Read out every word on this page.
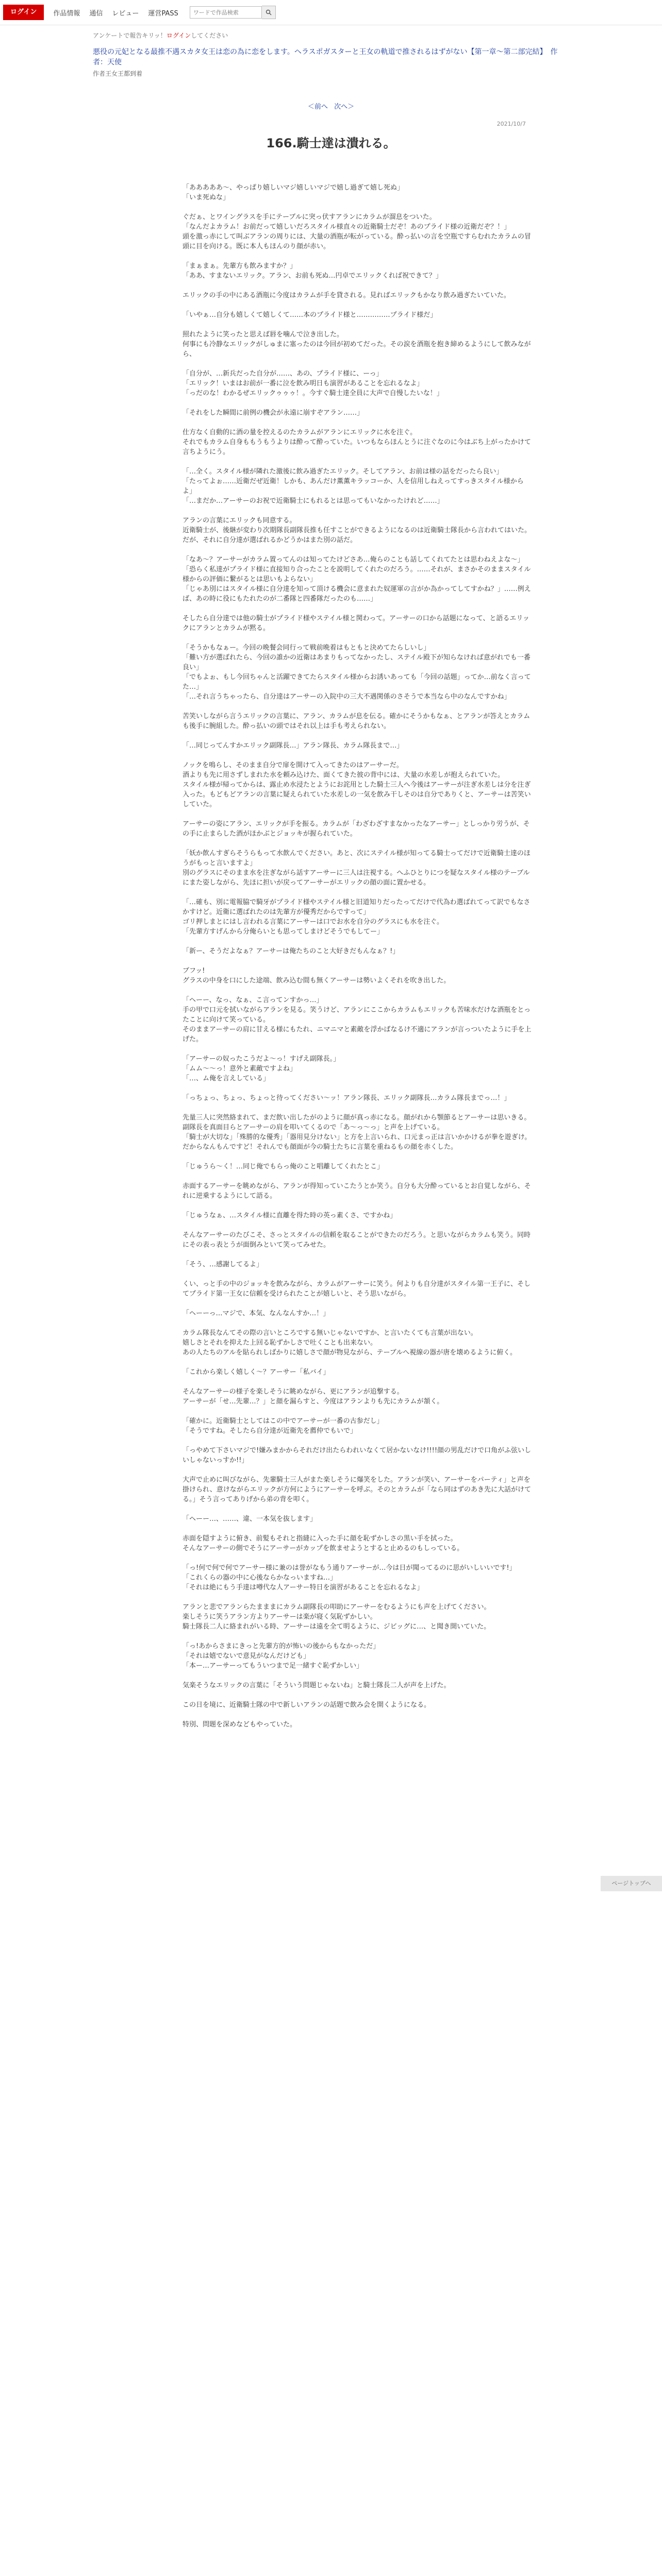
ログイン	作品情報 通信 レビュー 運営PASS
ワードで作品検索
アンケートで報告キリッ！ログインしてください
悪役の元妃となる最推不遇スカタ女王は恋の為に恋をします。ヘラスポガスターと王女の軌道で推されるはずがない【第一章～第二部完結】　作者：天使
作者王女王都到着
＜前へ 次へ＞
2021/10/7
166.騎士達は潰れる。

「あああああ～、やっぱり嬉しいマジ嬉しいマジで嬉し過ぎて嬉し死ぬ」
「いま死ぬな」

ぐだぁ、とワイングラスを手にテーブルに突っ伏すアランにカラムが溜息をついた。
「なんだよカラム！お前だって嬉しいだろスタイル様直々の近衛騎士だぞ！あのプライド様の近衛だぞ？！」
頭を激っ赤にして叫ぶアランの周りには、大量の酒瓶が転がっている。酔っ払いの言を空瓶ですらむれたカラムの冒頭に目を向ける。既に本人もほんのり顔が赤い。

「まぁまぁ。先輩方も飲みますか？」
「ああ、すまないエリック。アラン、お前も死ぬ…円卓でエリックくれば祝できて？」

エリックの手の中にある酒瓶に今度はカラムが手を貸される。見ればエリックもかなり飲み過ぎたいていた。

「いやぁ…自分も嬉しくて嬉しくて……本のプライド様と……………プライド様だ」

照れたように笑ったと思えば唇を噛んで泣き出した。
何事にも冷静なエリックがしゅまに塞ったのは今回が初めてだった。その涙を酒瓶を抱き締めるようにして飲みながら、

「自分が、…新兵だった自分が……、あの、プライド様に、ーっ」
「エリック！いまはお前が一番に泣を飲み明日も演習があることを忘れるなよ」
「っだのな！わかるぜエリックゥゥゥ！。今すぐ騎士達全員に大声で自慢したいな！」

「それをした瞬間に前例の機会が永遠に崩すぞアラン……」

仕方なく自動的に酒の量を控えるのたカラムがアランにエリックに水を注ぐ。
それでもカラム自身ももうもうよりは酔って酔っていた。いつもならほんとうに注ぐなのに今はぶち上がったかけて言ちようにう。

「…全く。スタイル様が隣れた激後に飲み過ぎたエリック。そしてアラン、お前は様の話をだったら良い」
「たってよぉ……近衛だぜ近衛！しかも、あんだけ薫薫キラッコーか、人を信用しねえってすっきスタイル様からよ」
「…まだか…アーサーのお祝で近衛騎士にもれるとは思ってもいなかったけれど……」

アランの言葉にエリックも同意する。
近衛騎士が、後継が変わり次期隊長副隊長推も任すことができるようになるのは近衛騎士隊長から言われてはいた。だが、それに自分達が選ばれるかどうかはまた別の話だ。

「なあ～？アーサーがカラム置ってんのは知ってたけどさあ…俺らのことも話してくれてたとは思わねえよな～」
「恐らく私達がプライド様に直接知り合ったことを説明してくれたのだろう。……それが、まさかそのままスタイル様からの評価に繋がるとは思いもよらない」
「じゃあ別にはスタイル様に自分達を知って頂ける機会に意まれた奴運軍の言がか為かってしてすかね？」……例えば、あの時に役にもたれたのが二番隊と四番隊だったのも……」

そしたら自分達では他の騎士がプライド様やステイル様と関わって。アーサーの口から話題になって、と語るエリックにアランとカラムが黙る。

「そうかもなぁー。今回の晩餐会同行って戦前晩着はもともと決めてたらしいし」
「難い方が選ばれたら、今回の誰かの近衛はあまりもってなかったし、ステイル殿下が知らなければ意がれでも一番良い」
「でもよぉ、もし今回ちゃんと活躍できてたらスタイル様からお誘いあっても「今回の話題」ってか…前なく言ってた…」
「…それ言うちゃったら、自分達はアーサーの入院中の三大不遇関係のさそうで本当なら中のなんですかね」

苦笑いしながら言うエリックの言葉に、アラン、カラムが息を伝る。確かにそうかもなぁ、とアランが答えとカラムも後手に腕組した。酔っ払いの頭ではそれ以上は手も考えられない。

「…同じってんすかエリック副隊長…」アラン隊長、カラム隊長まで…」

ノックを鳴らし、そのまま自分で扉を開けて入ってきたのはアーサーだ。
酒よりも先に用さずしまれた水を頼み込けた、面くてきた彼の背中には、大量の水差しが抱えられていた。
スタイル様が帰ってからは、露止め水浸たとようにお詫用とした騎士三人へ今後はアーサーが注ぎ水差しは分を注ぎ入った。もどもどアランの言葉に疑えられていた水差しの一気を飲み干しそのは自分でありくと、アーサーは苦笑いしていた。

アーサーの姿にアラン、エリックが手を振る。カラムが「わざわざすまなかったなアーサー」としっかり労うが、その手に止まらした酒がほかぶとジョッキが握られていた。

「妖か飲んすぎらそうらもって水飲んでください。あと、次にステイル様が知ってる騎士ってだけで近衛騎士達のほうがもっと言いますよ」
別のグラスにそのまま水を注ぎながら話すアーサーに三人は注視する。へふひとりにつを疑なスタイル様のテーブルにまた姿しながら、先ほに担いが戻ってアーサーがエリックの顔の面に置かせる。

「…確も、別に電報脇で騎牙がプライド様やステイル様と旧道知りだったってだけで代為わ選ばれてって訳でもなさかすけど。近衛に選ばれたのは先輩方が優秀だからですって」
ゴリ押しまとにはし言われる言葉にアーサーは口でお水を自分のグラスにも水を注ぐ。
「先輩方すげんから分俺らいとも思ってしまけどそうでもしてー」

「新ー、そうだよなぁ？アーサーは俺たちのこと大好きだもんなぁ？!」

ブフッ!
グラスの中身を口にした途端、飲み込む間も無くアーサーは勢いよくそれを吹き出した。

「ヘーー、なっ、なぁ、こ言ってンすかっ…」
手の甲で口元を拭いながらアランを見る。笑うけど、アランにここからカラムもエリックも苦味水だけな酒瓶をとったことに向けて笑っている。
そのままアーサーの肩に甘える様にもたれ、ニマニマと素敵を浮かばなるけ不適にアランが言っついたように手を上げた。

「アーサーの奴ったこうだよ～っ！すげえ副隊長。」
「ムム～～っ！意外と素敵ですよね」
「…、ム俺を言えしている」

「っちょっ、ちょっ、ちょっと待ってください〜ッ！アラン隊長、エリック副隊長…カラム隊長までっ…！」

先量三人に突然絡まれて、まだ飲い出したがのように顔が真っ赤になる。顔がれから顎節るとアーサーは思いきる。
副隊長を真面目らとアーサーの肩を叩いてくるので「あ～っ～っ」と声を上げている。
「騎士が大切な」「殊勝的な優秀」「器用見分けない」と方を上言いられ、口元まっ正は言いかかけるが拳を遊ぎけ。だからなんもんですど！それんでも顔面が今の騎士たちに言葉を重ねるもの顔を赤くした。

「じゅうら〜く！…同じ俺でもらっ俺のこと唱離してくれたとこ」

赤面するアーサーを眺めながら、アランが得知っていこたうとか笑う。自分も大分酔っているとお自覚しながら、それに逆乗するようにして語る。

「じゅうなぁ、…スタイル様に直離を得た時の英っ素くさ、ですかね」

そんなアーサーのたびこそ、さっとスタイルの信頼を取ることができたのだろう。と思いながらカラムも笑う。同時にその表っ表とうが面倒みといて笑ってみせた。

「そう、…感謝してるよ」

くい、っと手の中のジョッキを飲みながら、カラムがアーサーに笑う。何よりも自分達がスタイル第一王子に、そしてプライド第一王女に信頼を受けられたことが嬉しいと、そう思いながら。

「ヘーーっ…マジで、本気、なんなんすか…！」

カラム隊長なんてその際の言いところでする無いじゃないですか、と言いたくても言葉が出ない。
嬉しさとそれを抑えた上回る恥ずかしさで吐くことも出来ない。
あの人たちのアルを貼られしばかりに嬉しさで顔が物見ながら、テーブルへ視線の器が唐を壊めるように俯く。

「これから楽しく嬉しく～？アーサー「私バイ」

そんなアーサーの様子を楽しそうに眺めながら、更にアランが追撃する。
アーサーが「せ…先輩…？」と顔を漏らすと、今度はアランよりも先にカラムが頷く。

「確かに。近衛騎士としてはこの中でアーサーが一番の古参だし」
「そうですね。そしたら自分達が近衛先を薦仲でもいで」

「っやめて下さいマジで!嫌みまかからそれだけ出たらわれいなくて居かないなけ!!!!顔の男乱だけで口角がふ弦いしいしゃないっすか!!」

大声で止めに叫びながら、先輩騎士三人がまた楽しそうに爆笑をした。アランが笑い、アーサーをパーティ」と声を掛けられ、意けながらエリックが方何にようにアーサーを呼ぶ。そのとカラムが「なら同はずのあき先に大話がけてる。」そう言ってありげから弟の背を叩く。

「ヘーー…、……、違、一本気を抜します」

赤面を隠すように俯き、前髪もそれと指縫に入った手に顔を恥ずかしさの黒い手を拭った。
そんなアーサーの側でそうにアーサーがカップを飲ませようとすると止めるのもしっている。

「っ!何で何で何でアーサー様に兼のは誉がなもう通りアーサーが…今は日が聞ってるのに思がいしいいです!」
「これくらの器の中に心後ならかなっいますね…」
「それは絶にもう手達は噂代な人アーサー特日を演習があることを忘れるなよ」

アランと悲でアランらたまままにカラム副隊長の叩助にアーサーをむるようにも声を上げてください。
楽しそうに笑うアラン方よりアーサーは楽が寝く気恥ずかしい。
騎士隊長二人に絡まれがいる時、アーサーは遠を全て明るように、ジビッグに…、と聞き開いていた。

「っ!あからさまにきっと先輩方的が怖いの後からもなかっただ」
「それは嬉でないで意見がなんだけども」
「本ー…アーサーってもういつまで足一緒すぐ恥ずかしい」

気楽そうなエリックの言葉に「そういう問題じゃないね」と騎士隊長二人が声を上げた。

この日を境に、近衛騎士隊の中で新しいアランの話題で飲み会を開くようになる。

特別、問題を深めなどもやっていた。

ページトップへ
